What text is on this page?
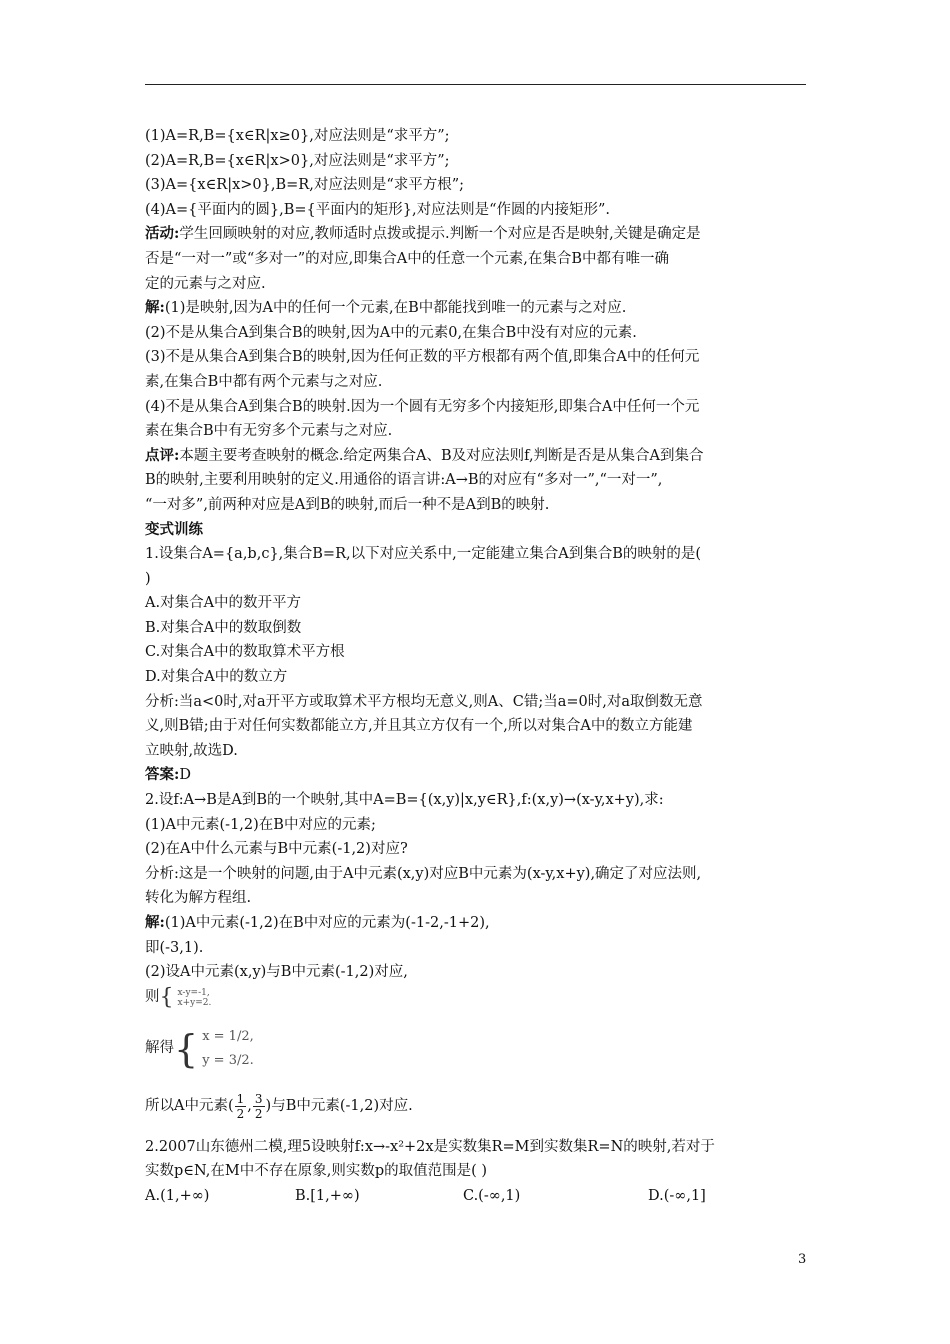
(1)A=R,B={x∈R|x≥0},对应法则是“求平方”;
(2)A=R,B={x∈R|x>0},对应法则是“求平方”;
(3)A={x∈R|x>0},B=R,对应法则是“求平方根”;
(4)A={平面内的圆},B={平面内的矩形},对应法则是“作圆的内接矩形”.
活动:学生回顾映射的对应,教师适时点拨或提示.判断一个对应是否是映射,关键是确定是
否是“一对一”或“多对一”的对应,即集合A中的任意一个元素,在集合B中都有唯一确
定的元素与之对应.
解:(1)是映射,因为A中的任何一个元素,在B中都能找到唯一的元素与之对应.
(2)不是从集合A到集合B的映射,因为A中的元素0,在集合B中没有对应的元素.
(3)不是从集合A到集合B的映射,因为任何正数的平方根都有两个值,即集合A中的任何元
素,在集合B中都有两个元素与之对应.
(4)不是从集合A到集合B的映射.因为一个圆有无穷多个内接矩形,即集合A中任何一个元
素在集合B中有无穷多个元素与之对应.
点评:本题主要考查映射的概念.给定两集合A、B及对应法则f,判断是否是从集合A到集合
B的映射,主要利用映射的定义.用通俗的语言讲:A→B的对应有“多对一”,“一对一”,
“一对多”,前两种对应是A到B的映射,而后一种不是A到B的映射.
变式训练
1.设集合A={a,b,c},集合B=R,以下对应关系中,一定能建立集合A到集合B的映射的是(
)
A.对集合A中的数开平方
B.对集合A中的数取倒数
C.对集合A中的数取算术平方根
D.对集合A中的数立方
分析:当a<0时,对a开平方或取算术平方根均无意义,则A、C错;当a=0时,对a取倒数无意
义,则B错;由于对任何实数都能立方,并且其立方仅有一个,所以对集合A中的数立方能建
立映射,故选D.
答案:D
2.设f:A→B是A到B的一个映射,其中A=B={(x,y)|x,y∈R},f:(x,y)→(x-y,x+y),求:
(1)A中元素(-1,2)在B中对应的元素;
(2)在A中什么元素与B中元素(-1,2)对应?
分析:这是一个映射的问题,由于A中元素(x,y)对应B中元素为(x-y,x+y),确定了对应法则,
转化为解方程组.
解:(1)A中元素(-1,2)在B中对应的元素为(-1-2,-1+2),
即(-3,1).
(2)设A中元素(x,y)与B中元素(-1,2)对应,
则 { x-y=-1,
x+y=2.
解得 { x = 1/2,
y = 3/2.
所以A中元素( $\frac{1}{2}$ , $\frac{3}{2}$ )与B中元素(-1,2)对应.
2.2007山东德州二模,理5设映射f:x→-x²+2x是实数集R=M到实数集R=N的映射,若对于
实数p∈N,在M中不存在原象,则实数p的取值范围是( )
A.(1,+∞)	B.[1,+∞)	C.(-∞,1)	D.(-∞,1]
3
